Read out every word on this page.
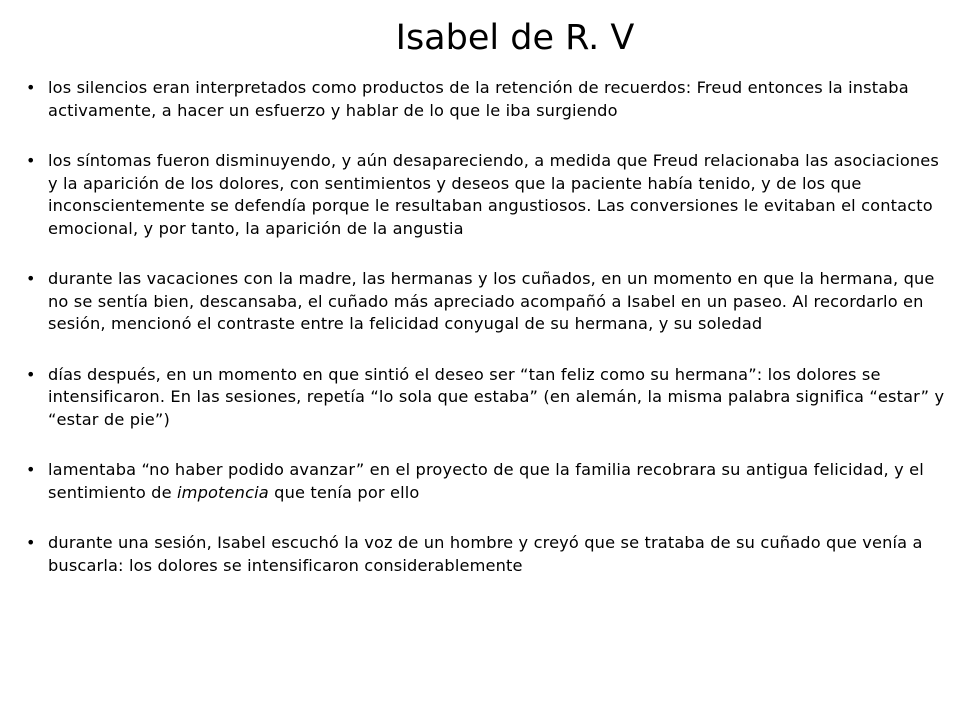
Isabel de R. V
• los silencios eran interpretados como productos de la retención de recuerdos: Freud entonces la instaba activamente, a hacer un esfuerzo y hablar de lo que le iba surgiendo
• los síntomas fueron disminuyendo, y aún desapareciendo, a medida que Freud relacionaba las asociaciones y la aparición de los dolores, con sentimientos y deseos que la paciente había tenido, y de los que inconscientemente se defendía porque le resultaban angustiosos. Las conversiones le evitaban el contacto emocional, y por tanto, la aparición de la angustia
• durante las vacaciones con la madre, las hermanas y los cuñados, en un momento en que la hermana, que no se sentía bien, descansaba, el cuñado más apreciado acompañó a Isabel en un paseo. Al recordarlo en sesión, mencionó el contraste entre la felicidad conyugal de su hermana, y su soledad
• días después, en un momento en que sintió el deseo ser “tan feliz como su hermana”: los dolores se intensificaron. En las sesiones, repetía “lo sola que estaba” (en alemán, la misma palabra significa “estar” y “estar de pie”)
• lamentaba “no haber podido avanzar” en el proyecto de que la familia recobrara su antigua felicidad, y el sentimiento de impotencia que tenía por ello
• durante una sesión, Isabel escuchó la voz de un hombre y creyó que se trataba de su cuñado que venía a buscarla: los dolores se intensificaron considerablemente
